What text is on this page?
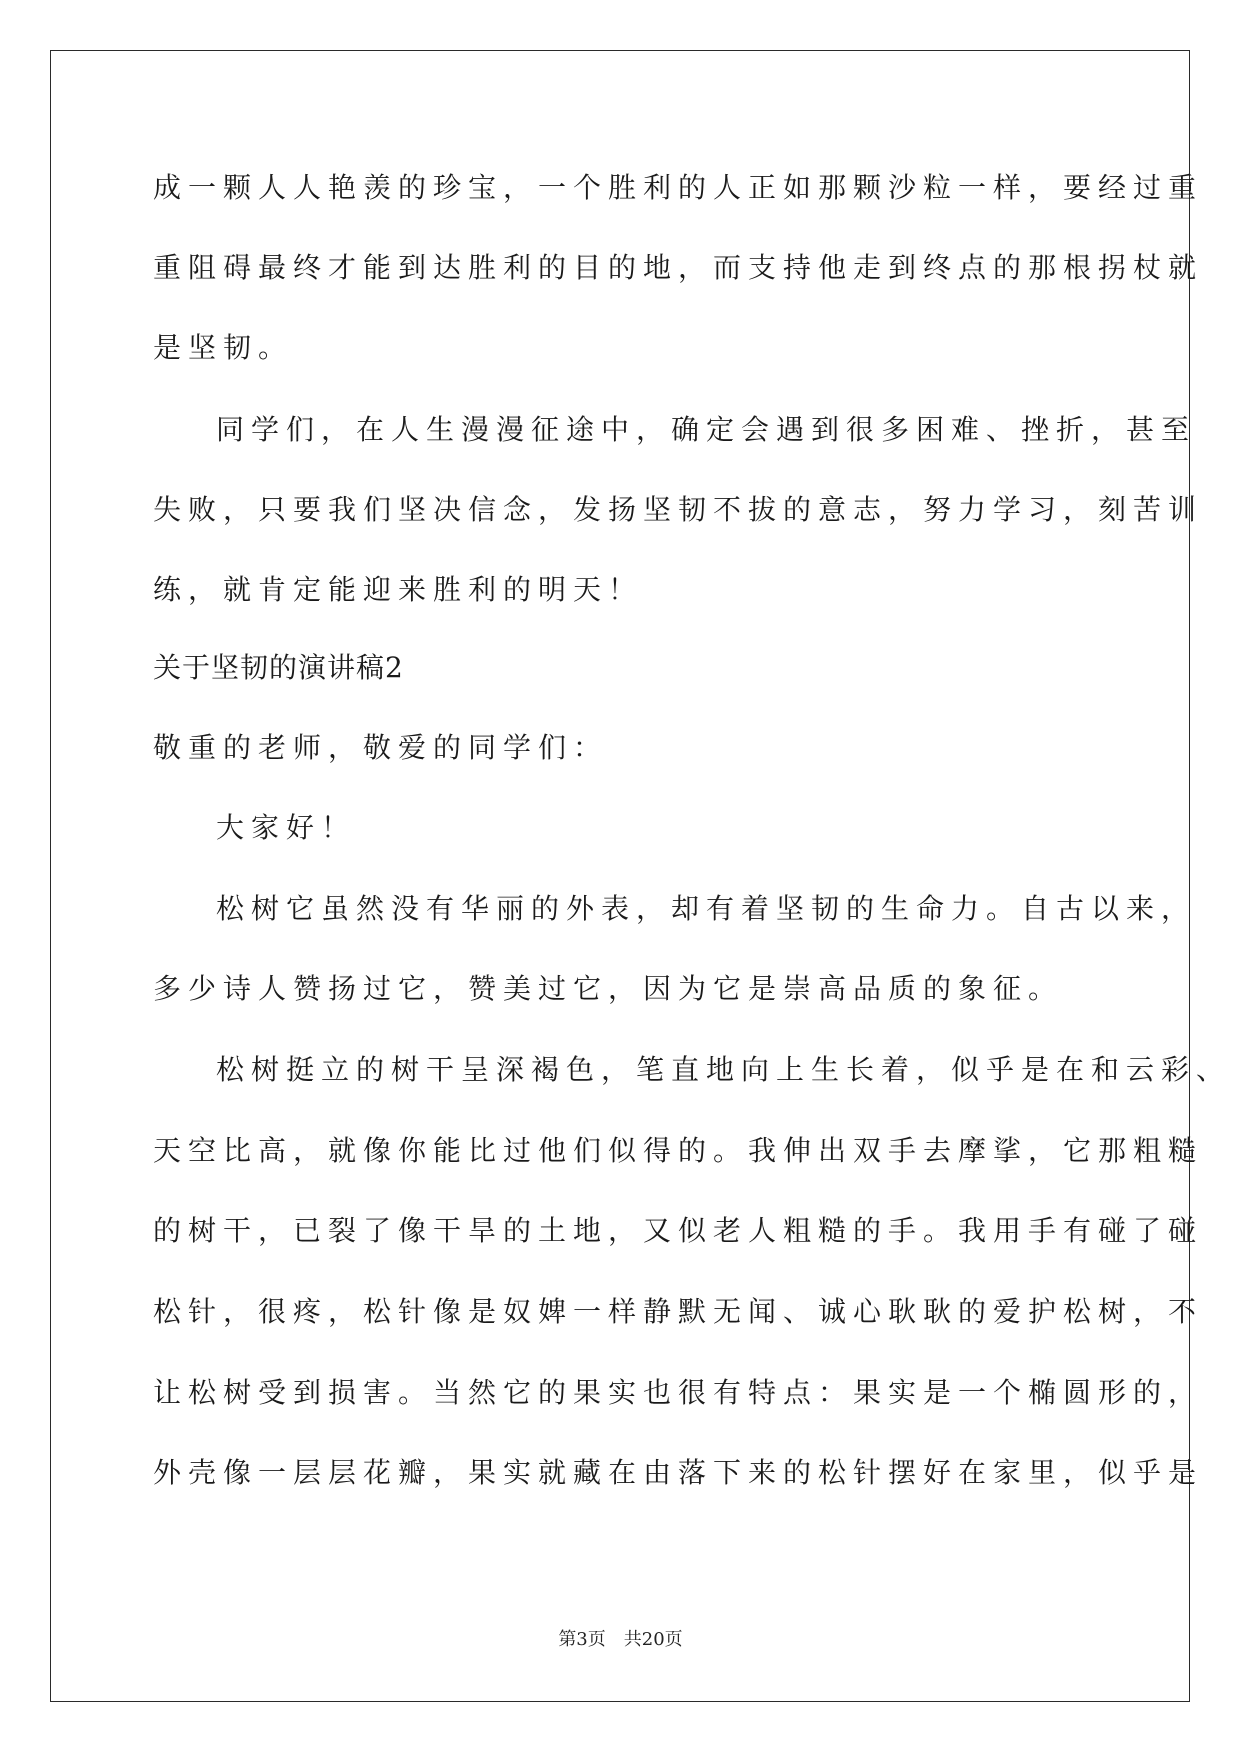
成一颗人人艳羡的珍宝，一个胜利的人正如那颗沙粒一样，要经过重
重阻碍最终才能到达胜利的目的地，而支持他走到终点的那根拐杖就
是坚韧。
同学们，在人生漫漫征途中，确定会遇到很多困难、挫折，甚至
失败，只要我们坚决信念，发扬坚韧不拔的意志，努力学习，刻苦训
练，就肯定能迎来胜利的明天！
关于坚韧的演讲稿2
敬重的老师，敬爱的同学们：
大家好！
松树它虽然没有华丽的外表，却有着坚韧的生命力。自古以来，
多少诗人赞扬过它，赞美过它，因为它是崇高品质的象征。
松树挺立的树干呈深褐色，笔直地向上生长着，似乎是在和云彩、
天空比高，就像你能比过他们似得的。我伸出双手去摩挲，它那粗糙
的树干，已裂了像干旱的土地，又似老人粗糙的手。我用手有碰了碰
松针，很疼，松针像是奴婢一样静默无闻、诚心耿耿的爱护松树，不
让松树受到损害。当然它的果实也很有特点：果实是一个椭圆形的，
外壳像一层层花瓣，果实就藏在由落下来的松针摆好在家里，似乎是
第3页 共20页
